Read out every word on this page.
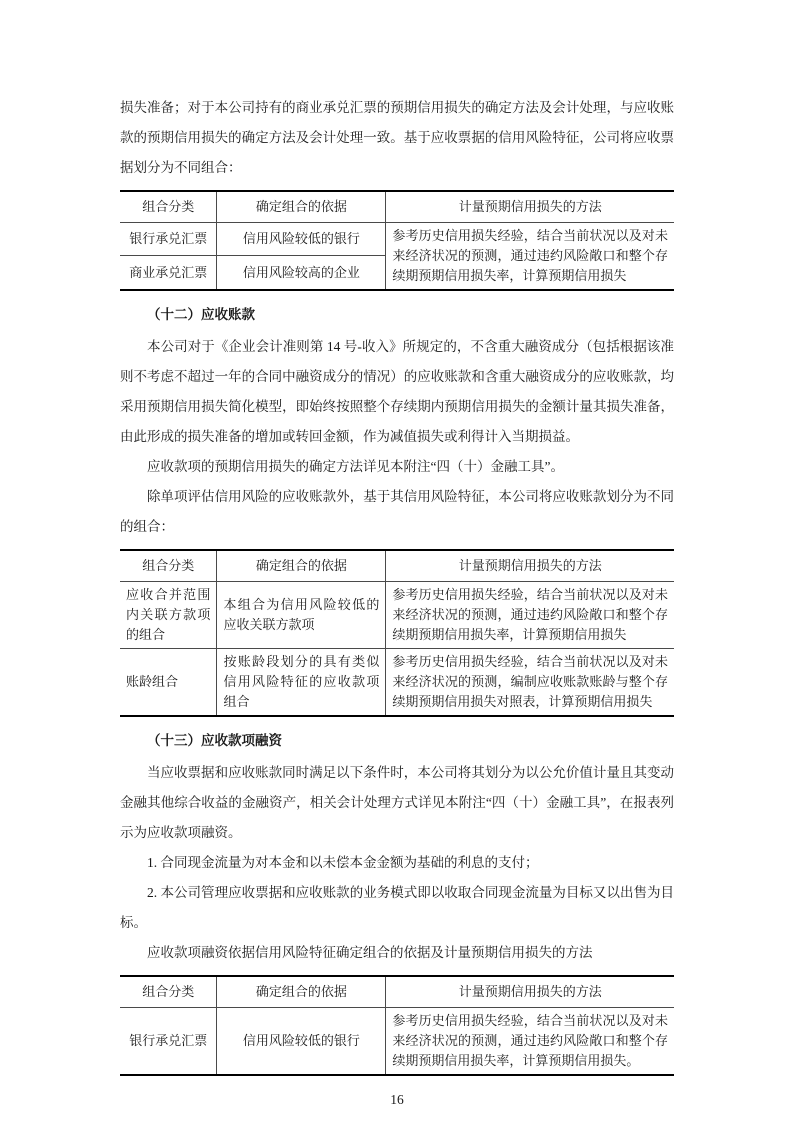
损失准备；对于本公司持有的商业承兑汇票的预期信用损失的确定方法及会计处理，与应收账款的预期信用损失的确定方法及会计处理一致。基于应收票据的信用风险特征，公司将应收票据划分为不同组合：

组合分类	确定组合的依据	计量预期信用损失的方法
银行承兑汇票	信用风险较低的银行	参考历史信用损失经验，结合当前状况以及对未来经济状况的预测，通过违约风险敞口和整个存续期预期信用损失率，计算预期信用损失
商业承兑汇票	信用风险较高的企业	

（十二）应收账款

本公司对于《企业会计准则第 14 号-收入》所规定的，不含重大融资成分（包括根据该准则不考虑不超过一年的合同中融资成分的情况）的应收账款和含重大融资成分的应收账款，均采用预期信用损失简化模型，即始终按照整个存续期内预期信用损失的金额计量其损失准备，由此形成的损失准备的增加或转回金额，作为减值损失或利得计入当期损益。

应收款项的预期信用损失的确定方法详见本附注“四（十）金融工具”。

除单项评估信用风险的应收账款外，基于其信用风险特征，本公司将应收账款划分为不同的组合：

组合分类	确定组合的依据	计量预期信用损失的方法
应收合并范围内关联方款项的组合	本组合为信用风险较低的应收关联方款项	参考历史信用损失经验，结合当前状况以及对未来经济状况的预测，通过违约风险敞口和整个存续期预期信用损失率，计算预期信用损失
账龄组合	按账龄段划分的具有类似信用风险特征的应收款项组合	参考历史信用损失经验，结合当前状况以及对未来经济状况的预测，编制应收账款账龄与整个存续期预期信用损失对照表，计算预期信用损失

（十三）应收款项融资

当应收票据和应收账款同时满足以下条件时，本公司将其划分为以公允价值计量且其变动金融其他综合收益的金融资产，相关会计处理方式详见本附注“四（十）金融工具”，在报表列示为应收款项融资。

1. 合同现金流量为对本金和以未偿本金金额为基础的利息的支付；

2. 本公司管理应收票据和应收账款的业务模式即以收取合同现金流量为目标又以出售为目标。

应收款项融资依据信用风险特征确定组合的依据及计量预期信用损失的方法

组合分类	确定组合的依据	计量预期信用损失的方法
银行承兑汇票	信用风险较低的银行	参考历史信用损失经验，结合当前状况以及对未来经济状况的预测，通过违约风险敞口和整个存续期预期信用损失率，计算预期信用损失。
16
